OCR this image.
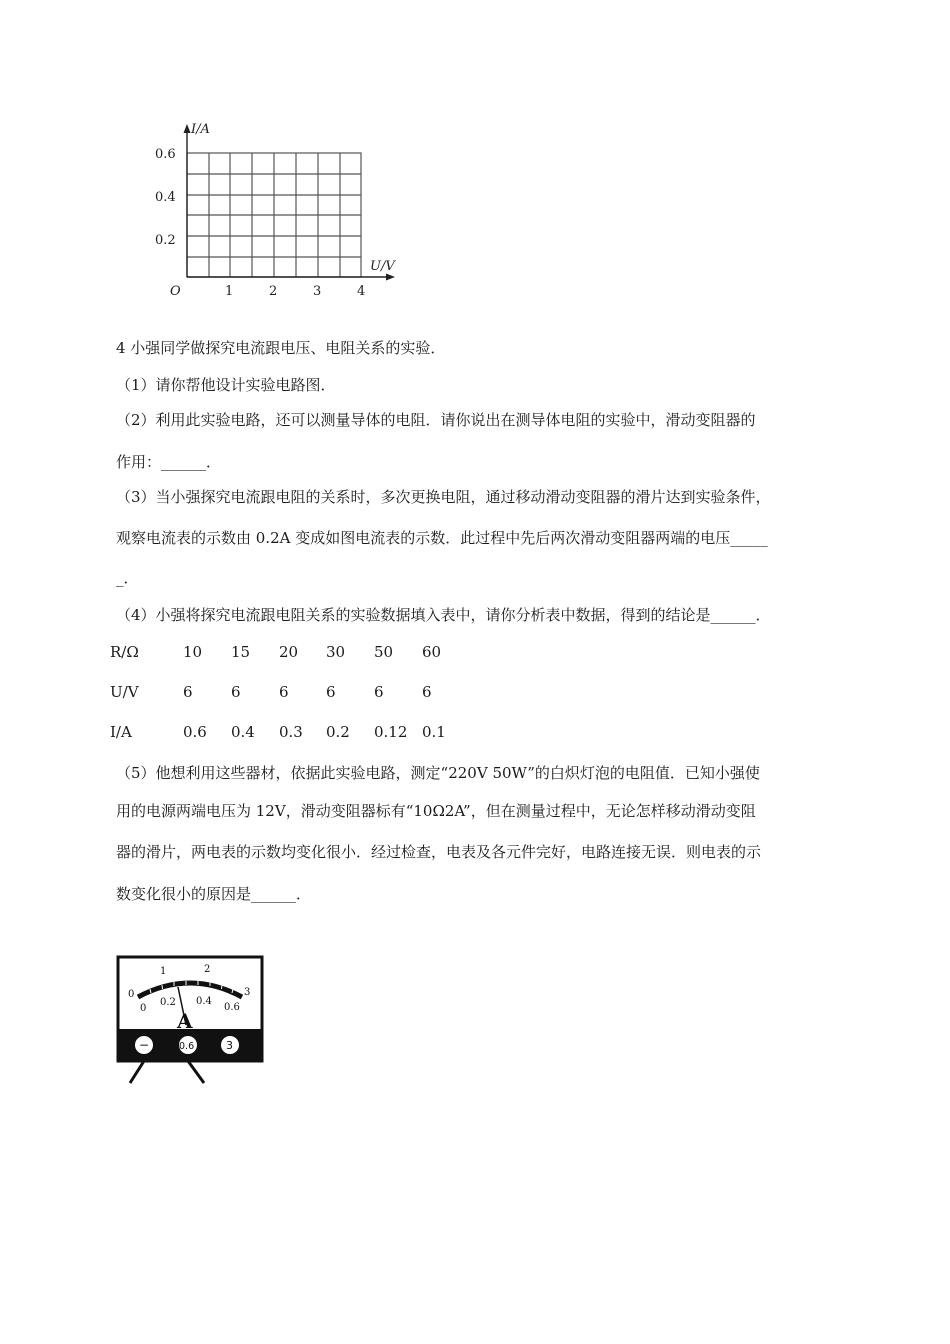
I/A
U/V
O
0.6
0.4
0.2
1	2	3	4
4 小强同学做探究电流跟电压、电阻关系的实验．
（1）请你帮他设计实验电路图．
（2）利用此实验电路，还可以测量导体的电阻．请你说出在测导体电阻的实验中，滑动变阻器的
作用：______．
（3）当小强探究电流跟电阻的关系时，多次更换电阻，通过移动滑动变阻器的滑片达到实验条件，
观察电流表的示数由 0.2A 变成如图电流表的示数．此过程中先后两次滑动变阻器两端的电压_____
_．
（4）小强将探究电流跟电阻关系的实验数据填入表中，请你分析表中数据，得到的结论是______．
R/Ω	10 15 20 30 50 60
U/V	6	6	6 6	6	6
I/A	0.6 0.4 0.3 0.2 0.12 0.1
（5）他想利用这些器材，依据此实验电路，测定“220V 50W”的白炽灯泡的电阻值．已知小强使
用的电源两端电压为 12V，滑动变阻器标有“10Ω2A”，但在测量过程中，无论怎样移动滑动变阻
器的滑片，两电表的示数均变化很小．经过检查，电表及各元件完好，电路连接无误．则电表的示
数变化很小的原因是______．
0
1	2
3
0
0.2 0.4
0.6
A
−	0.6	3
